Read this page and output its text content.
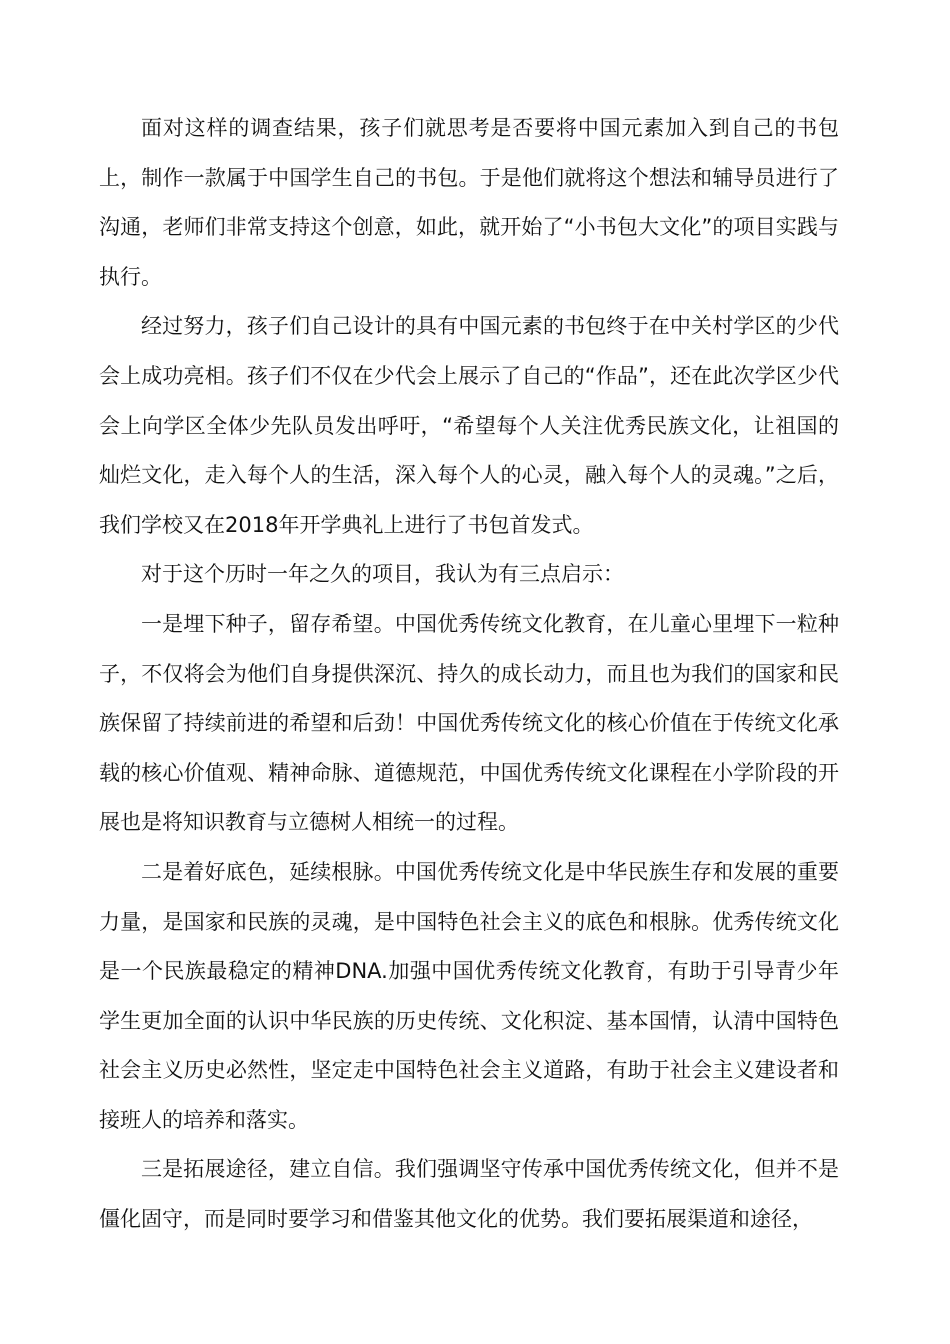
面对这样的调查结果，孩子们就思考是否要将中国元素加入到自己的书包上，制作一款属于中国学生自己的书包。于是他们就将这个想法和辅导员进行了沟通，老师们非常支持这个创意，如此，就开始了“小书包大文化”的项目实践与执行。

经过努力，孩子们自己设计的具有中国元素的书包终于在中关村学区的少代会上成功亮相。孩子们不仅在少代会上展示了自己的“作品”，还在此次学区少代会上向学区全体少先队员发出呼吁，“希望每个人关注优秀民族文化，让祖国的灿烂文化，走入每个人的生活，深入每个人的心灵，融入每个人的灵魂。”之后，我们学校又在2018年开学典礼上进行了书包首发式。

对于这个历时一年之久的项目，我认为有三点启示：

一是埋下种子，留存希望。中国优秀传统文化教育，在儿童心里埋下一粒种子，不仅将会为他们自身提供深沉、持久的成长动力，而且也为我们的国家和民族保留了持续前进的希望和后劲！中国优秀传统文化的核心价值在于传统文化承载的核心价值观、精神命脉、道德规范，中国优秀传统文化课程在小学阶段的开展也是将知识教育与立德树人相统一的过程。

二是着好底色，延续根脉。中国优秀传统文化是中华民族生存和发展的重要力量，是国家和民族的灵魂，是中国特色社会主义的底色和根脉。优秀传统文化是一个民族最稳定的精神DNA.加强中国优秀传统文化教育，有助于引导青少年学生更加全面的认识中华民族的历史传统、文化积淀、基本国情，认清中国特色社会主义历史必然性，坚定走中国特色社会主义道路，有助于社会主义建设者和接班人的培养和落实。

三是拓展途径，建立自信。我们强调坚守传承中国优秀传统文化，但并不是僵化固守，而是同时要学习和借鉴其他文化的优势。我们要拓展渠道和途径，
